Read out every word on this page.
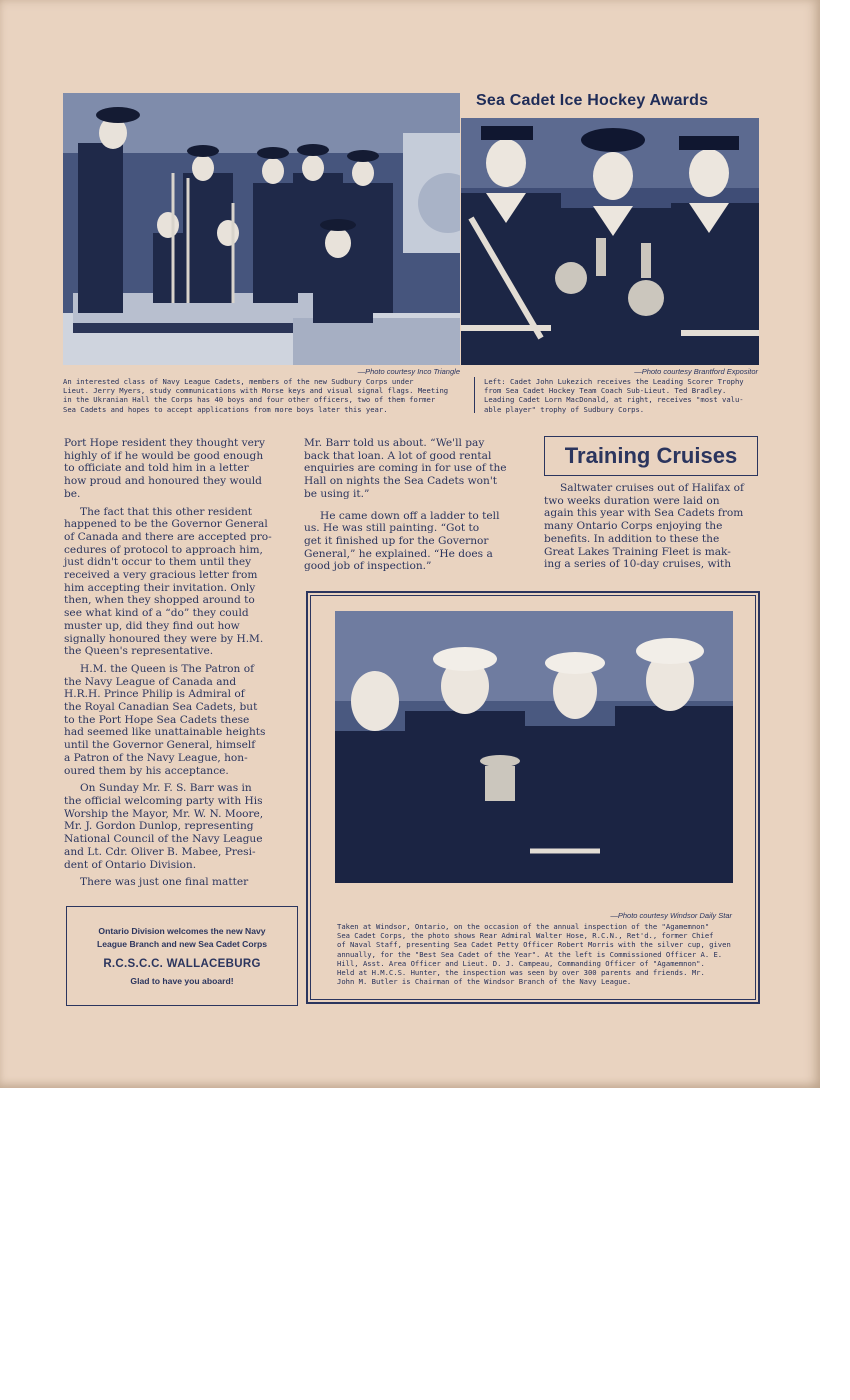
—Photo courtesy Inco Triangle
An interested class of Navy League Cadets, members of the new Sudbury Corps under
Lieut. Jerry Myers, study communications with Morse keys and visual signal flags. Meeting
in the Ukranian Hall the Corps has 40 boys and four other officers, two of them former
Sea Cadets and hopes to accept applications from more boys later this year.
Sea Cadet Ice Hockey Awards
—Photo courtesy Brantford Expositor
Left: Cadet John Lukezich receives the Leading Scorer Trophy
from Sea Cadet Hockey Team Coach Sub-Lieut. Ted Bradley.
Leading Cadet Lorn MacDonald, at right, receives "most valu-
able player" trophy of Sudbury Corps.

Port Hope resident they thought very
highly of if he would be good enough
to officiate and told him in a letter
how proud and honoured they would
be.

The fact that this other resident
happened to be the Governor General
of Canada and there are accepted pro-
cedures of protocol to approach him,
just didn't occur to them until they
received a very gracious letter from
him accepting their invitation. Only
then, when they shopped around to
see what kind of a “do” they could
muster up, did they find out how
signally honoured they were by H.M.
the Queen's representative.

H.M. the Queen is The Patron of
the Navy League of Canada and
H.R.H. Prince Philip is Admiral of
the Royal Canadian Sea Cadets, but
to the Port Hope Sea Cadets these
had seemed like unattainable heights
until the Governor General, himself
a Patron of the Navy League, hon-
oured them by his acceptance.

On Sunday Mr. F. S. Barr was in
the official welcoming party with His
Worship the Mayor, Mr. W. N. Moore,
Mr. J. Gordon Dunlop, representing
National Council of the Navy League
and Lt. Cdr. Oliver B. Mabee, Presi-
dent of Ontario Division.

There was just one final matter

Mr. Barr told us about. “We'll pay
back that loan. A lot of good rental
enquiries are coming in for use of the
Hall on nights the Sea Cadets won't
be using it.”

He came down off a ladder to tell
us. He was still painting. “Got to
get it finished up for the Governor
General,” he explained. “He does a
good job of inspection.”

Training Cruises
Saltwater cruises out of Halifax of
two weeks duration were laid on
again this year with Sea Cadets from
many Ontario Corps enjoying the
benefits. In addition to these the
Great Lakes Training Fleet is mak-
ing a series of 10-day cruises, with
—Photo courtesy Windsor Daily Star
Taken at Windsor, Ontario, on the occasion of the annual inspection of the "Agamemnon"
Sea Cadet Corps, the photo shows Rear Admiral Walter Hose, R.C.N., Ret'd., former Chief
of Naval Staff, presenting Sea Cadet Petty Officer Robert Morris with the silver cup, given
annually, for the "Best Sea Cadet of the Year". At the left is Commissioned Officer A. E.
Hill, Asst. Area Officer and Lieut. D. J. Campeau, Commanding Officer of "Agamemnon".
Held at H.M.C.S. Hunter, the inspection was seen by over 300 parents and friends. Mr.
John M. Butler is Chairman of the Windsor Branch of the Navy League.
Ontario Division welcomes the new Navy
League Branch and new Sea Cadet Corps
R.C.S.C.C. WALLACEBURG
Glad to have you aboard!
